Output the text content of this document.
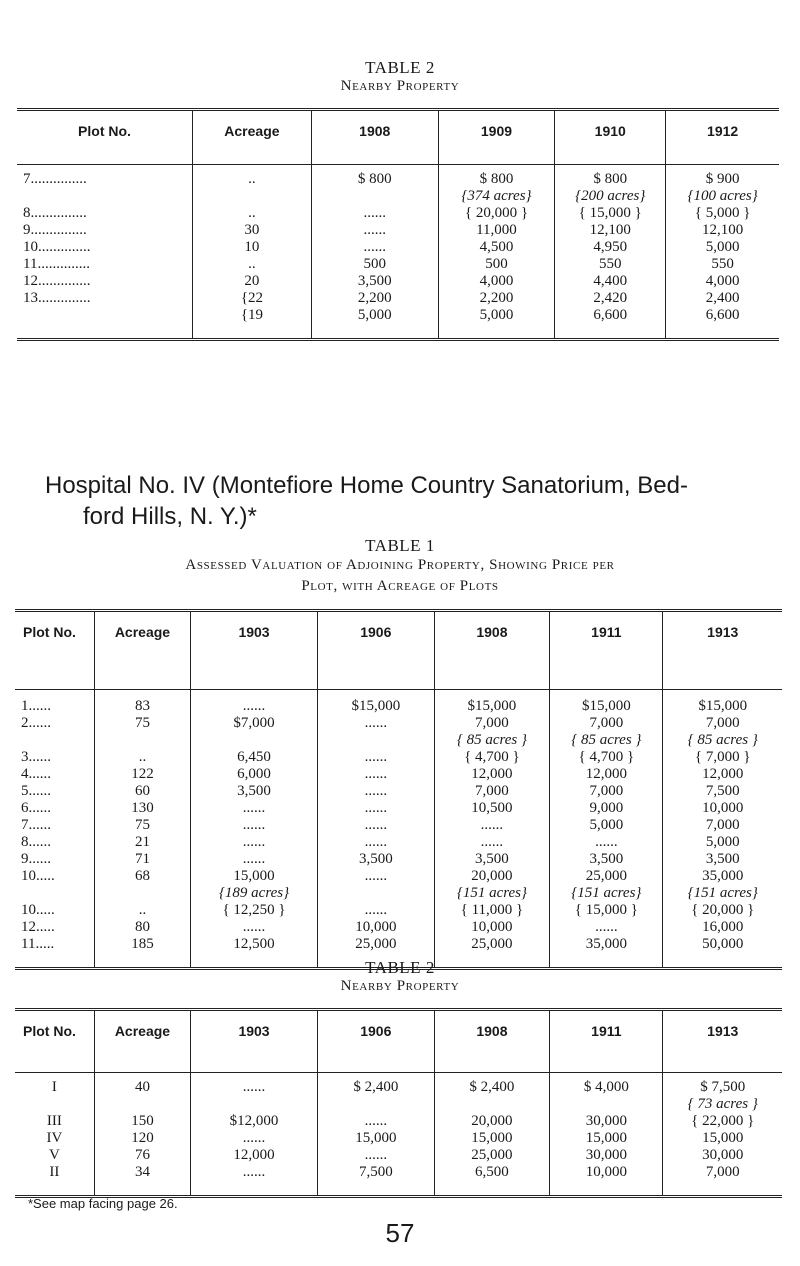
TABLE 2
Nearby Property
Plot No.	Acreage	1908	1909	1910	1912

7...............	..	$ 800	$ 800	$ 800	$ 900
			{374 acres}	{200 acres}	{100 acres}
8...............	..	......	{ 20,000 }	{ 15,000 }	{ 5,000 }
9...............	30	......	11,000	12,100	12,100
10..............	10	......	4,500	4,950	5,000
11..............	..	500	500	550	550
12..............	20	3,500	4,000	4,400	4,000
13..............	{22	2,200	2,200	2,420	2,400
	{19	5,000	5,000	6,600	6,600

Hospital No. IV (Montefiore Home Country Sanatorium, Bed-
ford Hills, N. Y.)*
TABLE 1
Assessed Valuation of Adjoining Property, Showing Price per
Plot, with Acreage of Plots
Plot No.	Acreage	1903	1906	1908	1911	1913

1......	83	......	$15,000	$15,000	$15,000	$15,000
2......	75	$7,000	......	7,000	7,000	7,000
				{ 85 acres }	{ 85 acres }	{ 85 acres }
3......	..	6,450	......	{ 4,700 }	{ 4,700 }	{ 7,000 }
4......	122	6,000	......	12,000	12,000	12,000
5......	60	3,500	......	7,000	7,000	7,500
6......	130	......	......	10,500	9,000	10,000
7......	75	......	......	......	5,000	7,000
8......	21	......	......	......	......	5,000
9......	71	......	3,500	3,500	3,500	3,500
10.....	68	15,000	......	20,000	25,000	35,000
		{189 acres}		{151 acres}	{151 acres}	{151 acres}
10.....	..	{ 12,250 }	......	{ 11,000 }	{ 15,000 }	{ 20,000 }
12.....	80	......	10,000	10,000	......	16,000
11.....	185	12,500	25,000	25,000	35,000	50,000

TABLE 2
Nearby Property
Plot No.	Acreage	1903	1906	1908	1911	1913

I	40	......	$ 2,400	$ 2,400	$ 4,000	$ 7,500
						{ 73 acres }
III	150	$12,000	......	20,000	30,000	{ 22,000 }
IV	120	......	15,000	15,000	15,000	15,000
V	76	12,000	......	25,000	30,000	30,000
II	34	......	7,500	6,500	10,000	7,000

*See map facing page 26.
57
